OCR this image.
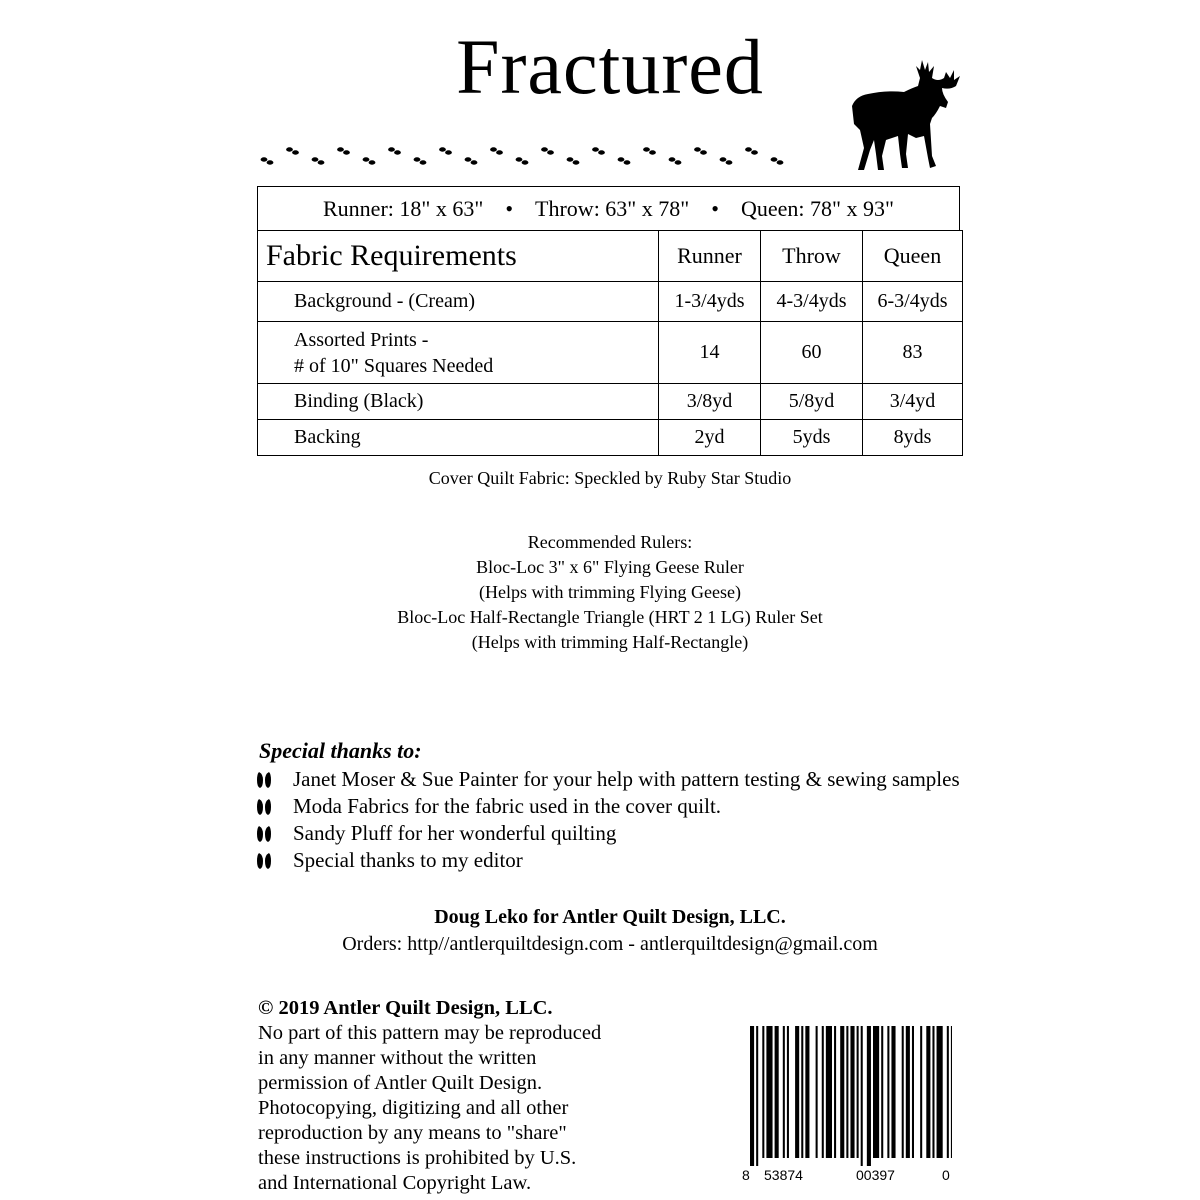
Fractured
Runner: 18" x 63" • Throw: 63" x 78" • Queen: 78" x 93"
Fabric Requirements	Runner	Throw	Queen
Background - (Cream)	1-3/4yds	4-3/4yds	6-3/4yds

Assorted Prints -
# of 10" Squares Needed	14	60	83
Binding (Black)	3/8yd	5/8yd	3/4yd
Backing	2yd	5yds	8yds
Cover Quilt Fabric: Speckled by Ruby Star Studio
Recommended Rulers:
Bloc-Loc 3" x 6" Flying Geese Ruler
(Helps with trimming Flying Geese)
Bloc-Loc Half-Rectangle Triangle (HRT 2 1 LG) Ruler Set
(Helps with trimming Half-Rectangle)
Special thanks to:
Janet Moser & Sue Painter for your help with pattern testing & sewing samples
Moda Fabrics for the fabric used in the cover quilt.
Sandy Pluff for her wonderful quilting
Special thanks to my editor
Doug Leko for Antler Quilt Design, LLC.
Orders: http//antlerquiltdesign.com - antlerquiltdesign@gmail.com
© 2019 Antler Quilt Design, LLC.
No part of this pattern may be reproduced
in any manner without the written
permission of Antler Quilt Design.
Photocopying, digitizing and all other
reproduction by any means to "share"
these instructions is prohibited by U.S.
and International Copyright Law.	8 53874	00397	0
